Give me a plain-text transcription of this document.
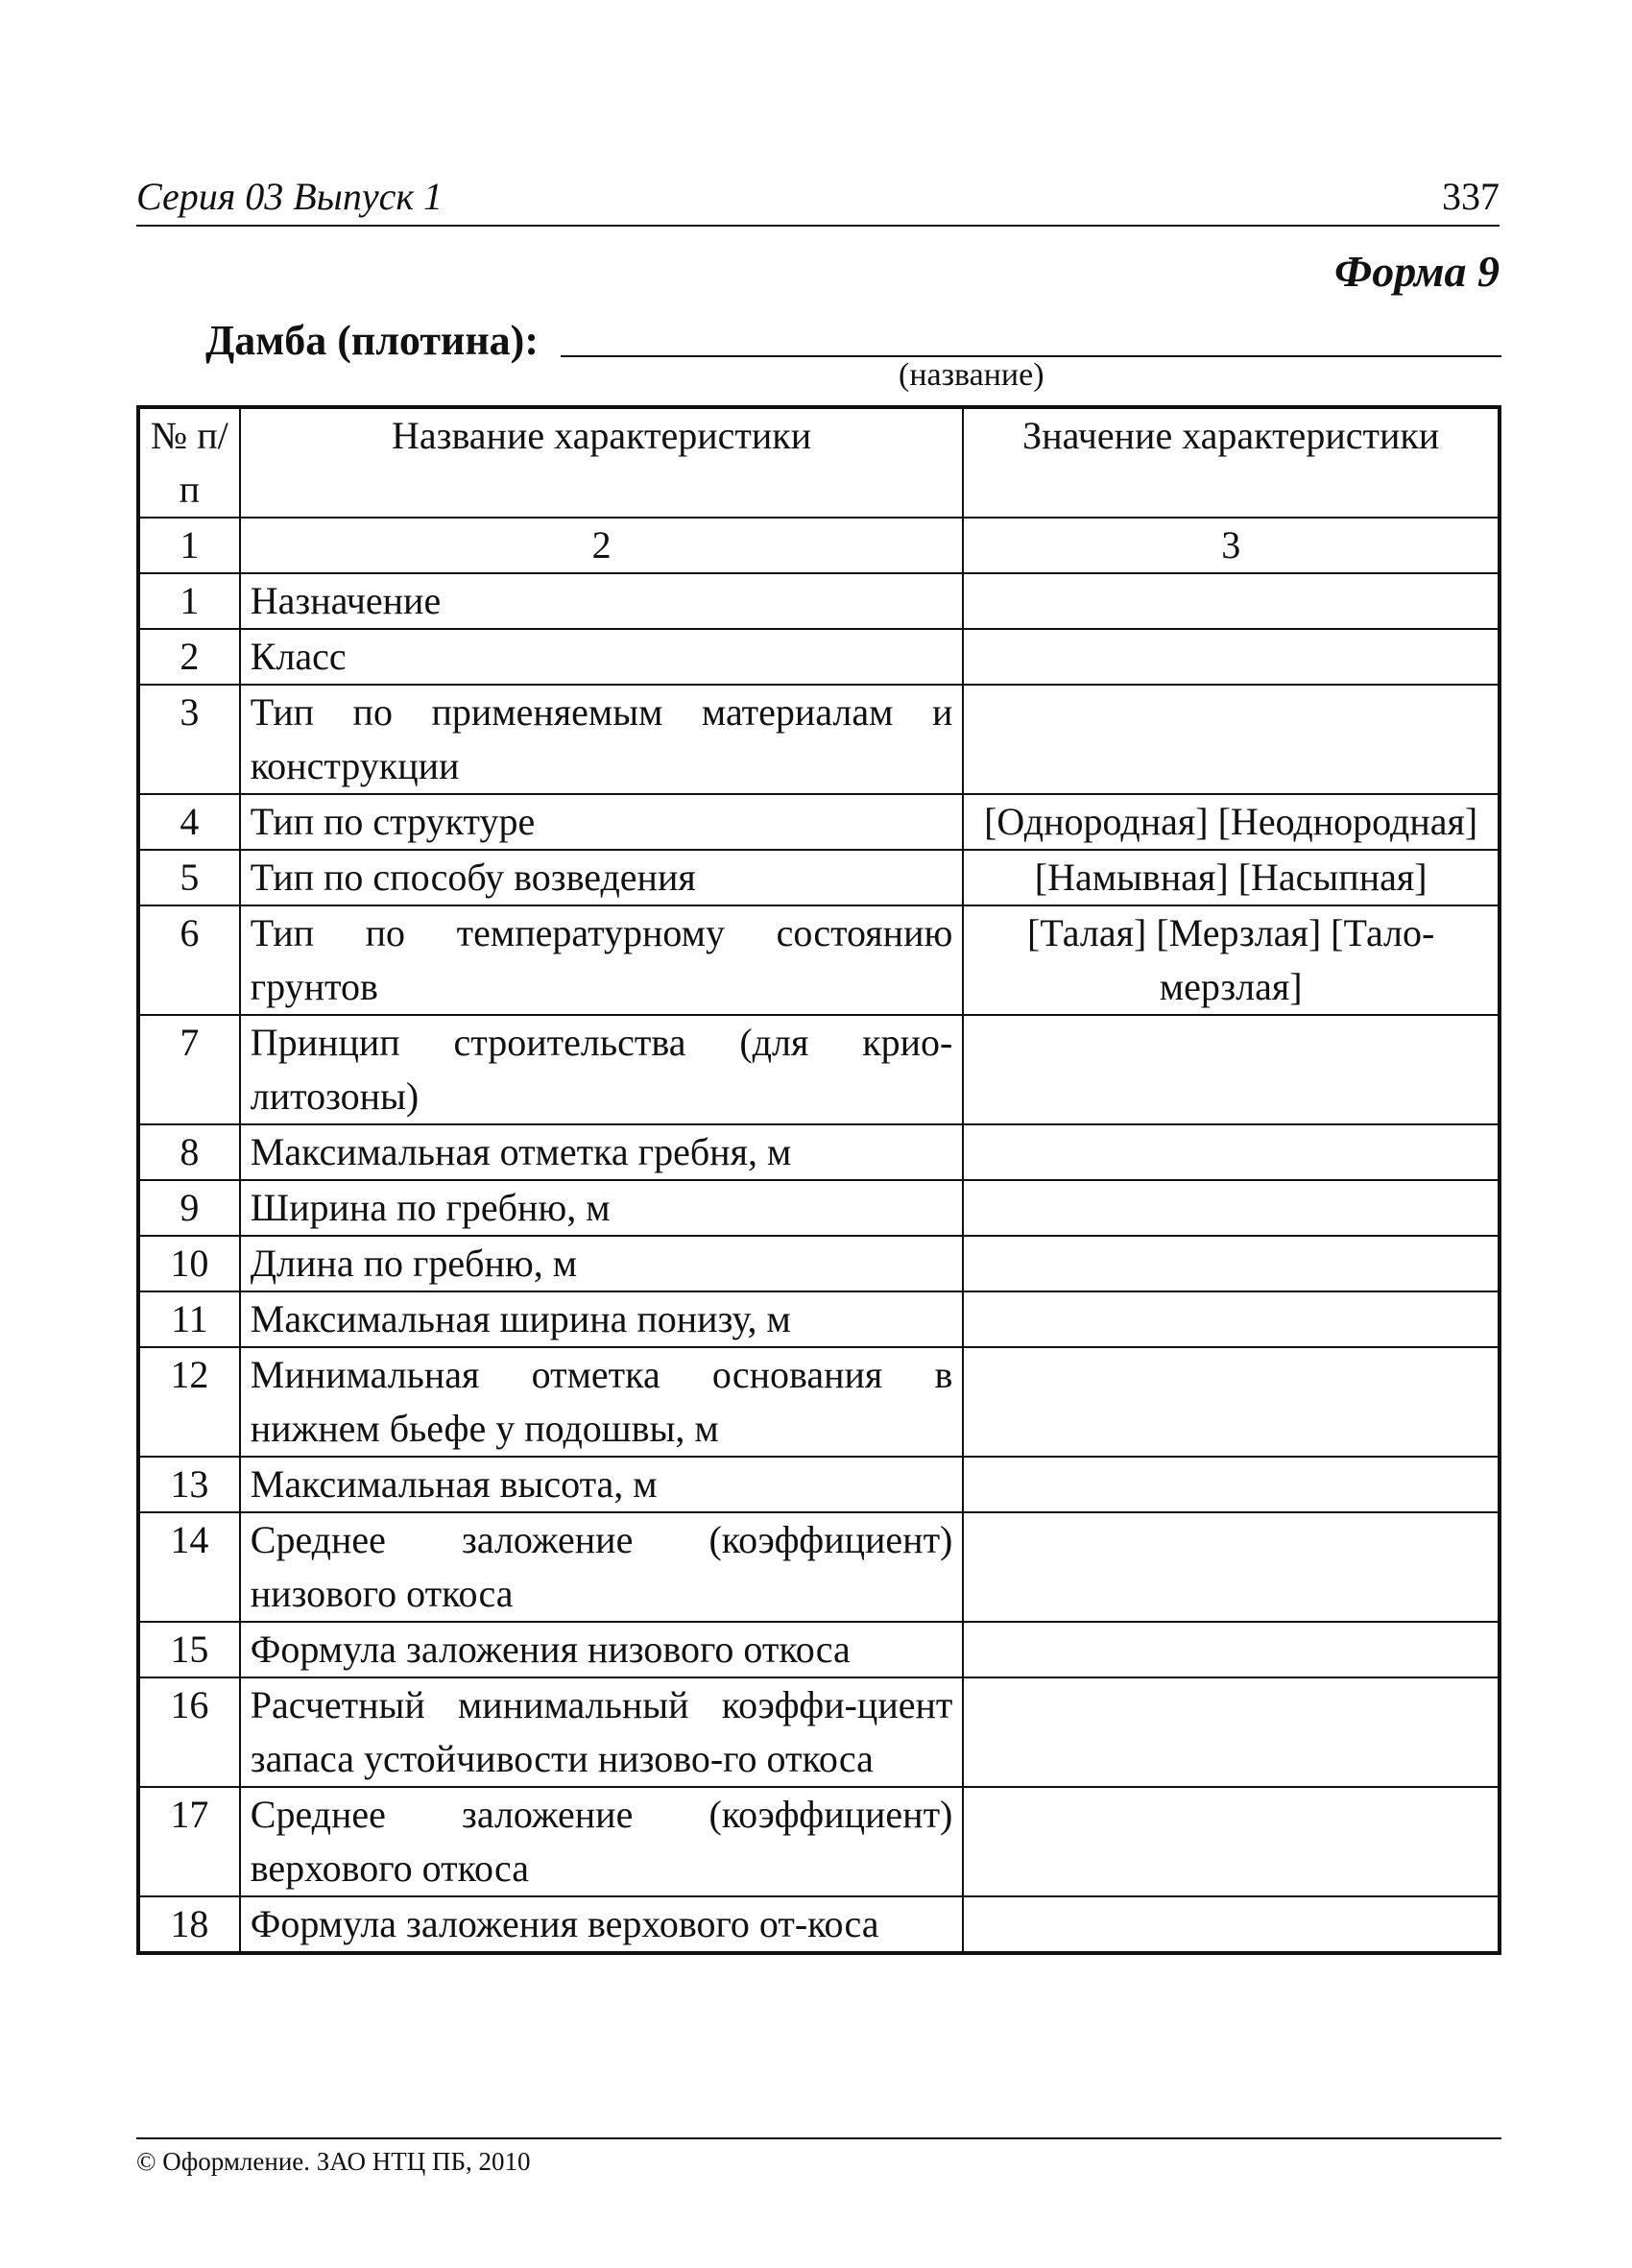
Серия 03 Выпуск 1	337
Форма 9
Дамба (плотина):
(название)
№ п/п	Название характеристики	Значение характеристики
1	2	3
1	Назначение	
2	Класс	
3	Тип по применяемым материалам и конструкции	
4	Тип по структуре	[Однородная] [Неоднородная]
5	Тип по способу возведения	[Намывная] [Насыпная]
6	Тип по температурному состоянию грунтов	[Талая] [Мерзлая] [Тало-мерзлая]
7	Принцип строительства (для крио-литозоны)	
8	Максимальная отметка гребня, м	
9	Ширина по гребню, м	
10	Длина по гребню, м	
11	Максимальная ширина понизу, м	
12	Минимальная отметка основания в нижнем бьефе у подошвы, м	
13	Максимальная высота, м	
14	Среднее заложение (коэффициент) низового откоса	
15	Формула заложения низового откоса	
16	Расчетный минимальный коэффи-циент запаса устойчивости низово-го откоса	
17	Среднее заложение (коэффициент) верхового откоса	
18	Формула заложения верхового от-коса	
© Оформление. ЗАО НТЦ ПБ, 2010
